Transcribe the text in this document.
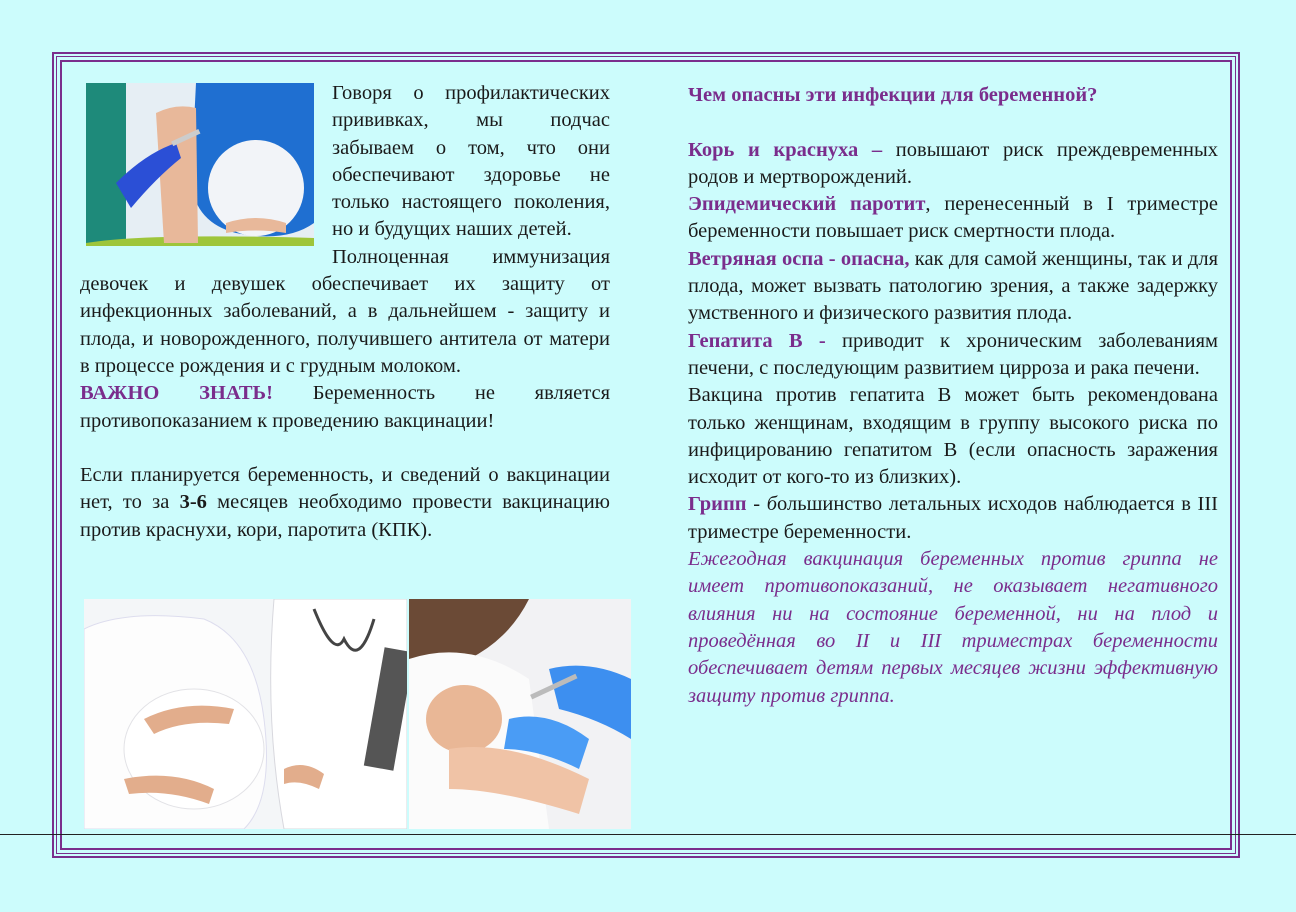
Говоря о профилактических прививках, мы подчас забываем о том, что они обеспечивают здоровье не только настоящего поколения, но и будущих наших детей.

Полноценная иммунизация девочек и девушек обеспечивает их защиту от инфекционных заболеваний, а в дальнейшем - защиту и плода, и новорожденного, получившего антитела от матери в процессе рождения и с грудным молоком.

ВАЖНО ЗНАТЬ! Беременность не является противопоказанием к проведению вакцинации!

Если планируется беременность, и сведений о вакцинации нет, то за 3-6 месяцев необходимо провести вакцинацию против краснухи, кори, паротита (КПК).

Чем опасны эти инфекции для беременной?

Корь и краснуха – повышают риск преждевременных родов и мертворождений.

Эпидемический паротит, перенесенный в I триместре беременности повышает риск смертности плода.

Ветряная оспа - опасна, как для самой женщины, так и для плода, может вызвать патологию зрения, а также задержку умственного и физического развития плода.

Гепатита В - приводит к хроническим заболеваниям печени, с последующим развитием цирроза и рака печени.

Вакцина против гепатита В может быть рекомендована только женщинам, входящим в группу высокого риска по инфицированию гепатитом В (если опасность заражения исходит от кого-то из близких).

Грипп - большинство летальных исходов наблюдается в III триместре беременности.

Ежегодная вакцинация беременных против гриппа не имеет противопоказаний, не оказывает негативного влияния ни на состояние беременной, ни на плод и проведённая во II и III триместрах беременности обеспечивает детям первых месяцев жизни эффективную защиту против гриппа.
